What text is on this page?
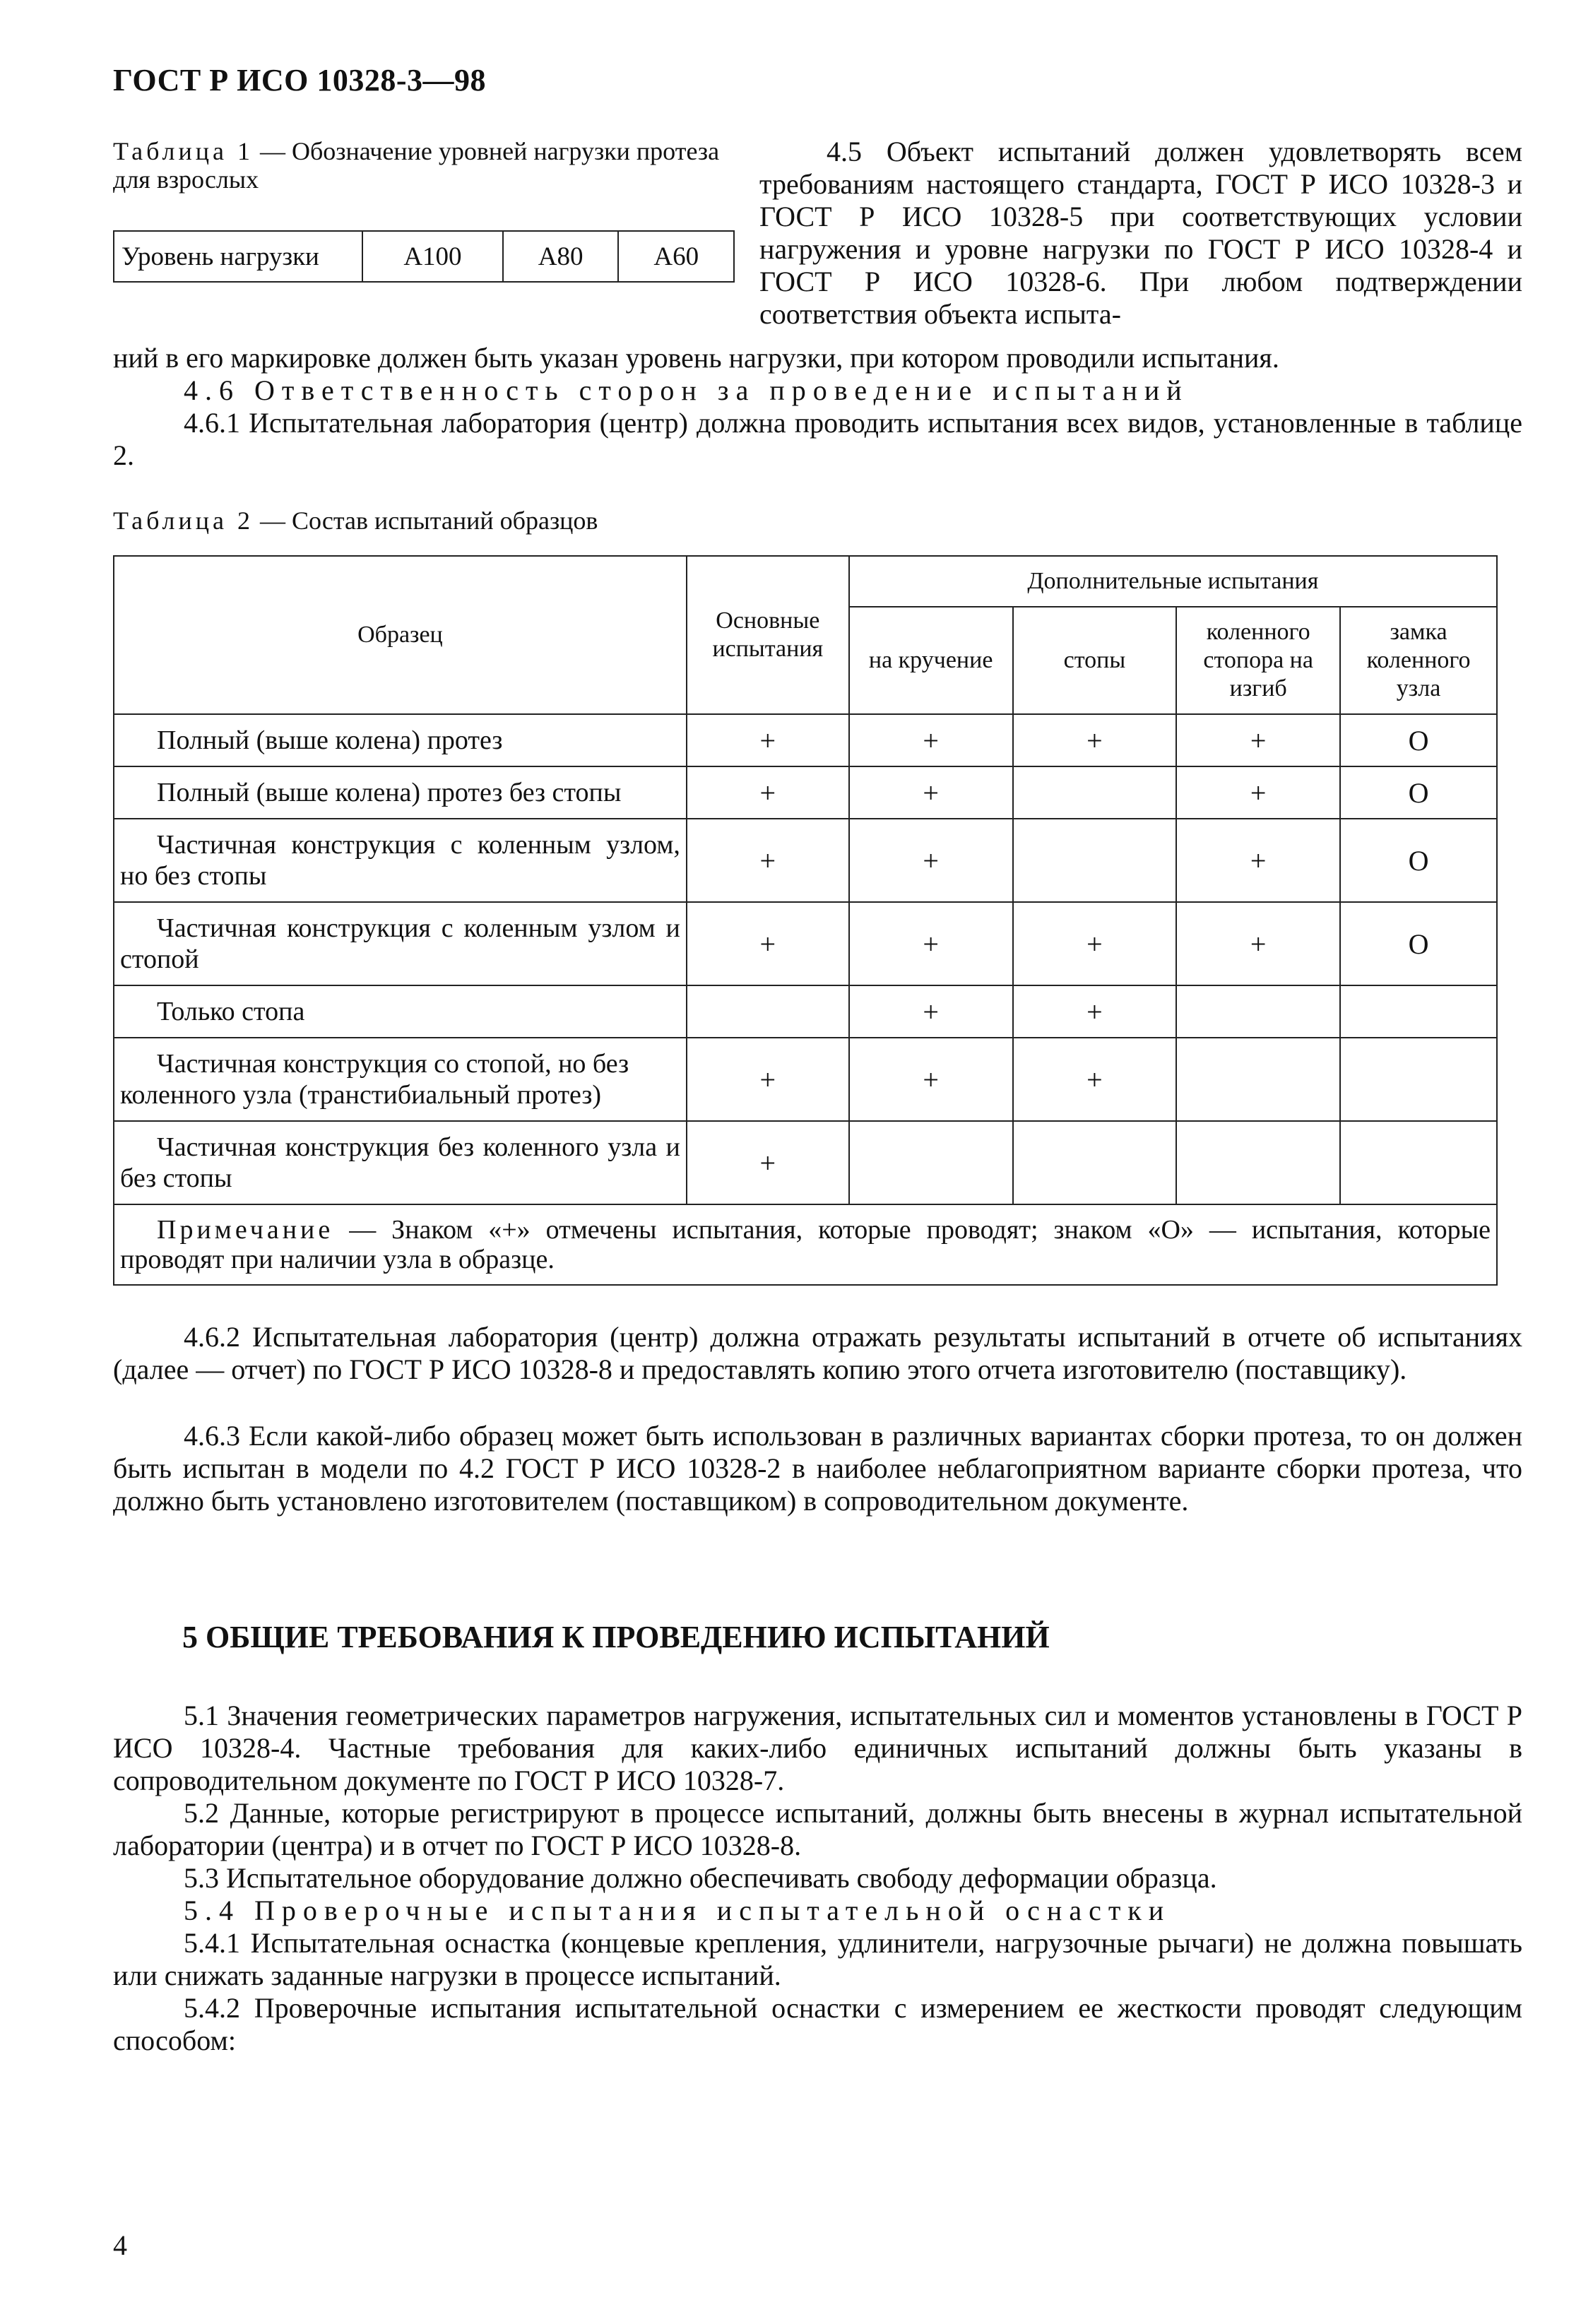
ГОСТ Р ИСО 10328-3—98
Таблица 1 — Обозначение уровней нагрузки протеза для взрослых
Уровень нагрузки	A100	A80	A60
4.5 Объект испытаний должен удовлетворять всем требованиям настоящего стандарта, ГОСТ Р ИСО 10328-3 и ГОСТ Р ИСО 10328-5 при соответствующих условии нагружения и уровне нагрузки по ГОСТ Р ИСО 10328-4 и ГОСТ Р ИСО 10328-6. При любом подтверждении соответствия объекта испыта-
ний в его маркировке должен быть указан уровень нагрузки, при котором проводили испытания.
4.6 Ответственность сторон за проведение испытаний
4.6.1 Испытательная лаборатория (центр) должна проводить испытания всех видов, установленные в таблице 2.
Таблица 2 — Состав испытаний образцов
Образец	Основные испытания	Дополнительные испытания			
		на кручение	стопы	коленного стопора на изгиб	замка коленного узла
Полный (выше колена) протез	+	+	+	+	O
Полный (выше колена) протез без стопы	+	+		+	O
Частичная конструкция с коленным узлом, но без стопы	+	+		+	O
Частичная конструкция с коленным узлом и стопой	+	+	+	+	O
Только стопа		+	+		
Частичная конструкция со стопой, но без коленного узла (транстибиальный протез)	+	+	+		
Частичная конструкция без коленного узла и без стопы	+				
Примечание — Знаком «+» отмечены испытания, которые проводят; знаком «О» — испытания, которые проводят при наличии узла в образце.					
4.6.2 Испытательная лаборатория (центр) должна отражать результаты испытаний в отчете об испытаниях (далее — отчет) по ГОСТ Р ИСО 10328-8 и предоставлять копию этого отчета изготовителю (поставщику).
4.6.3 Если какой-либо образец может быть использован в различных вариантах сборки протеза, то он должен быть испытан в модели по 4.2 ГОСТ Р ИСО 10328-2 в наиболее неблагоприятном варианте сборки протеза, что должно быть установлено изготовителем (поставщиком) в сопроводительном документе.
5 ОБЩИЕ ТРЕБОВАНИЯ К ПРОВЕДЕНИЮ ИСПЫТАНИЙ
5.1 Значения геометрических параметров нагружения, испытательных сил и моментов установлены в ГОСТ Р ИСО 10328-4. Частные требования для каких-либо единичных испытаний должны быть указаны в сопроводительном документе по ГОСТ Р ИСО 10328-7.
5.2 Данные, которые регистрируют в процессе испытаний, должны быть внесены в журнал испытательной лаборатории (центра) и в отчет по ГОСТ Р ИСО 10328-8.
5.3 Испытательное оборудование должно обеспечивать свободу деформации образца.
5.4 Проверочные испытания испытательной оснастки
5.4.1 Испытательная оснастка (концевые крепления, удлинители, нагрузочные рычаги) не должна повышать или снижать заданные нагрузки в процессе испытаний.
5.4.2 Проверочные испытания испытательной оснастки с измерением ее жесткости проводят следующим способом:
4
